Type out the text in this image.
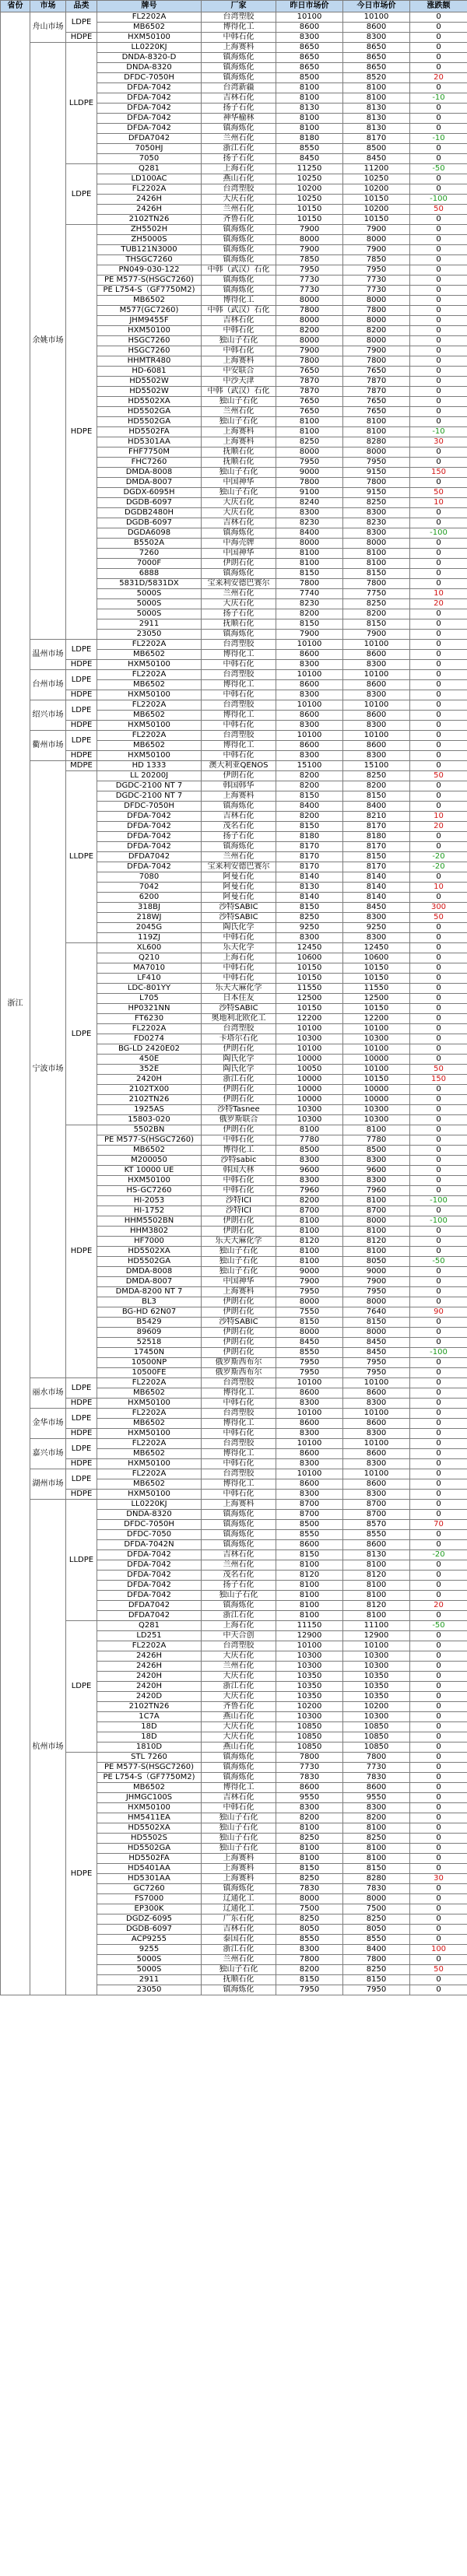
省份	市场	品类	牌号	厂家	昨日市场价	今日市场价	涨跌额
浙江	舟山市场	LDPE	FL2202A	台湾塑胶	10100	10100	0
			MB6502	博得化工	8600	8600	0
		HDPE	HXM50100	中韩石化	8300	8300	0
	余姚市场	LLDPE	LL0220KJ	上海赛科	8650	8650	0
			DNDA-8320-D	镇海炼化	8650	8650	0
			DNDA-8320	镇海炼化	8650	8650	0
			DFDC-7050H	镇海炼化	8500	8520	20
			DFDA-7042	台湾新疆	8100	8100	0
			DFDA-7042	吉林石化	8100	8100	-10
			DFDA-7042	扬子石化	8130	8130	0
			DFDA-7042	神华榆林	8100	8130	0
			DFDA-7042	镇海炼化	8100	8130	0
			DFDA7042	兰州石化	8180	8170	-10
			7050HJ	浙江石化	8550	8500	0
			7050	扬子石化	8450	8450	0
		LDPE	Q281	上海石化	11250	11200	-50
			LD100AC	燕山石化	10250	10250	0
			FL2202A	台湾塑胶	10200	10200	0
			2426H	大庆石化	10250	10150	-100
			2426H	兰州石化	10150	10200	50
			2102TN26	齐鲁石化	10150	10150	0
		HDPE	ZH5502H	镇海炼化	7900	7900	0
			ZH5000S	镇海炼化	8000	8000	0
			TUB121N3000	镇海炼化	7900	7900	0
			THSGC7260	镇海炼化	7850	7850	0
			PN049-030-122	中韩（武汉）石化	7950	7950	0
			PE M577-S(HSGC7260)	镇海炼化	7730	7730	0
			PE L754-S（GF7750M2)	镇海炼化	7730	7730	0
			MB6502	博得化工	8000	8000	0
			M577(GC7260)	中韩（武汉）石化	7800	7800	0
			JHM9455F	吉林石化	8000	8000	0
			HXM50100	中韩石化	8200	8200	0
			HSGC7260	独山子石化	8000	8000	0
			HSGC7260	中韩石化	7900	7900	0
			HHMTR480	上海赛科	7800	7800	0
			HD-6081	中安联合	7650	7650	0
			HD5502W	中沙天津	7870	7870	0
			HD5502W	中韩（武汉）石化	7870	7870	0
			HD5502XA	独山子石化	7650	7650	0
			HD5502GA	兰州石化	7650	7650	0
			HD5502GA	独山子石化	8100	8100	0
			HD5502FA	上海赛科	8100	8100	-10
			HD5301AA	上海赛科	8250	8280	30
			FHF7750M	抚顺石化	8000	8000	0
			FHC7260	抚顺石化	7950	7950	0
			DMDA-8008	独山子石化	9000	9150	150
			DMDA-8007	中国神华	7800	7800	0
			DGDX-6095H	独山子石化	9100	9150	50
			DGDB-6097	大庆石化	8240	8250	10
			DGDB2480H	大庆石化	8300	8300	0
			DGDB-6097	吉林石化	8230	8230	0
			DGDA6098	镇海炼化	8400	8300	-100
			B5502A	中海壳牌	8000	8000	0
			7260	中国神华	8100	8100	0
			7000F	伊朗石化	8100	8100	0
			6888	镇海炼化	8150	8150	0
			5831D/5831DX	宝来利安德巴赛尔	7800	7800	0
			5000S	兰州石化	7740	7750	10
			5000S	大庆石化	8230	8250	20
			5000S	扬子石化	8200	8200	0
			2911	抚顺石化	8150	8150	0
			23050	镇海炼化	7900	7900	0
	温州市场	LDPE	FL2202A	台湾塑胶	10100	10100	0
			MB6502	博得化工	8600	8600	0
		HDPE	HXM50100	中韩石化	8300	8300	0
	台州市场	LDPE	FL2202A	台湾塑胶	10100	10100	0
			MB6502	博得化工	8600	8600	0
		HDPE	HXM50100	中韩石化	8300	8300	0
	绍兴市场	LDPE	FL2202A	台湾塑胶	10100	10100	0
			MB6502	博得化工	8600	8600	0
		HDPE	HXM50100	中韩石化	8300	8300	0
	衢州市场	LDPE	FL2202A	台湾塑胶	10100	10100	0
			MB6502	博得化工	8600	8600	0
		HDPE	HXM50100	中韩石化	8300	8300	0
	宁波市场	MDPE	HD 1333	澳大利亚QENOS	15100	15100	0
		LLDPE	LL 20200J	伊朗石化	8200	8250	50
			DGDC-2100 NT 7	韩国韩华	8200	8200	0
			DGDC-2100 NT 7	上海赛科	8150	8150	0
			DFDC-7050H	镇海炼化	8400	8400	0
			DFDA-7042	吉林石化	8200	8210	10
			DFDA-7042	茂名石化	8150	8170	20
			DFDA-7042	扬子石化	8180	8180	0
			DFDA-7042	镇海炼化	8170	8170	0
			DFDA7042	兰州石化	8170	8150	-20
			DFDA-7042	宝来利安德巴赛尔	8170	8170	-20
			7080	阿曼石化	8140	8140	0
			7042	阿曼石化	8130	8140	10
			6200	阿曼石化	8140	8140	0
			318BJ	沙特SABIC	8150	8450	300
			218WJ	沙特SABIC	8250	8300	50
			2045G	陶氏化学	9250	9250	0
			119ZJ	中韩石化	8300	8300	0
		LDPE	XL600	乐天化学	12450	12450	0
			Q210	上海石化	10600	10600	0
			MA7010	中韩石化	10150	10150	0
			LF410	中韩石化	10150	10150	0
			LDC-801YY	乐天大麻化学	11550	11550	0
			L705	日本住友	12500	12500	0
			HP0321NN	沙特SABIC	10150	10150	0
			FT6230	奥地利北欧化工	12200	12200	0
			FL2202A	台湾塑胶	10100	10100	0
			FD0274	卡塔尔石化	10300	10300	0
			BG-LD 2420E02	伊朗石化	10100	10100	0
			450E	陶氏化学	10000	10000	0
			352E	陶氏化学	10050	10100	50
			2420H	浙江石化	10000	10150	150
			2102TX00	伊朗石化	10000	10000	0
			2102TN26	伊朗石化	10000	10000	0
			1925AS	沙特Tasnee	10300	10300	0
			15803-020	俄罗斯联合	10300	10300	0
		HDPE	5502BN	伊朗石化	8100	8100	0
			PE M577-S(HSGC7260)	中韩石化	7780	7780	0
			MB6502	博得化工	8500	8500	0
			M200050	沙特sabic	8300	8300	0
			KT 10000 UE	韩国大林	9600	9600	0
			HXM50100	中韩石化	8300	8300	0
			HS-GC7260	中韩石化	7960	7960	0
			HI-2053	沙特ICI	8200	8100	-100
			HI-1752	沙特ICI	8700	8700	0
			HHM5502BN	伊朗石化	8100	8000	-100
			HHM3802	伊朗石化	8100	8100	0
			HF7000	乐天大麻化学	8120	8120	0
			HD5502XA	独山子石化	8100	8100	0
			HD5502GA	独山子石化	8100	8050	-50
			DMDA-8008	独山子石化	9000	9000	0
			DMDA-8007	中国神华	7900	7900	0
			DMDA-8200 NT 7	上海赛科	7950	7950	0
			BL3	伊朗石化	8000	8000	0
			BG-HD 62N07	伊朗石化	7550	7640	90
			B5429	沙特SABIC	8150	8150	0
			89609	伊朗石化	8000	8000	0
			52518	伊朗石化	8450	8450	0
			17450N	伊朗石化	8550	8450	-100
			10500NP	俄罗斯西布尔	7950	7950	0
			10500FE	俄罗斯西布尔	7950	7950	0
	丽水市场	LDPE	FL2202A	台湾塑胶	10100	10100	0
			MB6502	博得化工	8600	8600	0
		HDPE	HXM50100	中韩石化	8300	8300	0
	金华市场	LDPE	FL2202A	台湾塑胶	10100	10100	0
			MB6502	博得化工	8600	8600	0
		HDPE	HXM50100	中韩石化	8300	8300	0
	嘉兴市场	LDPE	FL2202A	台湾塑胶	10100	10100	0
			MB6502	博得化工	8600	8600	0
		HDPE	HXM50100	中韩石化	8300	8300	0
	湖州市场	LDPE	FL2202A	台湾塑胶	10100	10100	0
			MB6502	博得化工	8600	8600	0
		HDPE	HXM50100	中韩石化	8300	8300	0
	杭州市场	LLDPE	LL0220KJ	上海赛科	8700	8700	0
			DNDA-8320	镇海炼化	8700	8700	0
			DFDC-7050H	镇海炼化	8500	8570	70
			DFDC-7050	镇海炼化	8550	8550	0
			DFDA-7042N	镇海炼化	8600	8600	0
			DFDA-7042	吉林石化	8150	8130	-20
			DFDA-7042	兰州石化	8100	8100	0
			DFDA-7042	茂名石化	8120	8120	0
			DFDA-7042	扬子石化	8100	8100	0
			DFDA-7042	独山子石化	8100	8100	0
			DFDA7042	镇海炼化	8100	8120	20
			DFDA7042	浙江石化	8100	8100	0
		LDPE	Q281	上海石化	11150	11100	-50
			LD251	中天合创	12900	12900	0
			FL2202A	台湾塑胶	10100	10100	0
			2426H	大庆石化	10300	10300	0
			2426H	兰州石化	10300	10300	0
			2420H	大庆石化	10350	10350	0
			2420H	浙江石化	10350	10350	0
			2420D	大庆石化	10350	10350	0
			2102TN26	齐鲁石化	10200	10200	0
			1C7A	燕山石化	10300	10300	0
			18D	大庆石化	10850	10850	0
			18D	大庆石化	10850	10850	0
			1810D	燕山石化	10850	10850	0
		HDPE	STL 7260	镇海炼化	7800	7800	0
			PE M577-S(HSGC7260)	镇海炼化	7730	7730	0
			PE L754-S（GF7750M2)	镇海炼化	7830	7830	0
			MB6502	博得化工	8600	8600	0
			JHMGC100S	吉林石化	9550	9550	0
			HXM50100	中韩石化	8300	8300	0
			HM5411EA	独山子石化	8200	8200	0
			HD5502XA	独山子石化	8100	8100	0
			HD5502S	独山子石化	8250	8250	0
			HD5502GA	独山子石化	8100	8100	0
			HD5502FA	上海赛科	8100	8100	0
			HD5401AA	上海赛科	8150	8150	0
			HD5301AA	上海赛科	8250	8280	30
			GC7260	镇海炼化	7830	7830	0
			FS7000	辽通化工	8000	8000	0
			EP300K	辽通化工	7500	7500	0
			DGDZ-6095	广东石化	8250	8250	0
			DGDB-6097	吉林石化	8050	8050	0
			ACP9255	泰国石化	8550	8550	0
			9255	浙江石化	8300	8400	100
			5000S	兰州石化	7800	7800	0
			5000S	独山子石化	8200	8250	50
			2911	抚顺石化	8150	8150	0
			23050	镇海炼化	7950	7950	0
